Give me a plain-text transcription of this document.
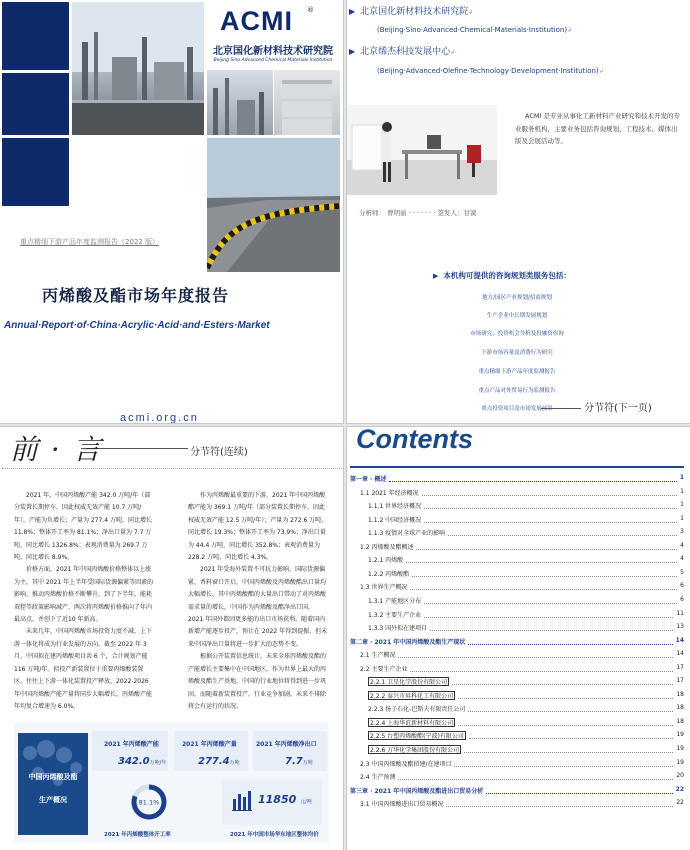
ACMI ®
北京国化新材料技术研究院
Beijing Sino Advanced Chemical Materials Institution
重点精细下游产品年度监测报告（2022 版）
丙烯酸及酯市场年度报告
Annual·Report·of·China·Acrylic·Acid·and·Esters·Market
acmi.org.cn
▶ 北京国化新材料技术研究院↲
(Beijing·Sino·Advanced·Chemical·Materials·Institution)↲
▶ 北京烯杰科技发展中心↲
(Beijing·Advanced·Olefine·Technology·Development·Institution)↲
ACMI 是专业从事化工新材料产业研究和技术开发的专业服务机构，主要业务包括咨询规划、工程技术、媒体出版及会展活动等。
分析师： 曹明丽 · · · · · · · 签发人：甘黉
▶ 本机构可提供的咨询规划类服务包括：
地方/园区产业规划/招商规划
生产企业中长期发展规划
市场研究、投资机会分析及投融资咨询
下游市场容量及消费行为研究
重点精细下游产品年度监测报告
重点产品对外贸易行为监测报告
重点投资项目及市场发展前景	分节符(下一页)
前 · 言	分节符(连续)

2021 年，中国丙烯酸产能 342.0 万吨/年（部分装置长期停车，因此权威无效产能 10.7 万吨/年），产能为负增长；产量为 277.4 万吨，同比增长 11.8%；整体开工率为 81.1%；净出口量为 7.7 万吨，同比增长 1326.8%；表观消费量为 269.7 万吨，同比增长 8.9%。

价格方面，2021 年中国丙烯酸价格整体以上涨为主，其中 2021 年上半年受国际货源偏紧等因素的影响，推动丙烯酸价格不断攀升，到了下半年，能耗双控等政策影响减产，两次将丙烯酸价格推向了年内最高点，并创下了近10 年新高。

未来几年，中国丙烯酸市场投资力度不减，上下游一体化将成为行业发展的方向。截至 2022 年 3 月，中国拟在建丙烯酸项目共 6 个，合计规划产能 116 万吨/年。拟投产新装置位于重要丙烯酸装置区，往往上下游一体化装置投产释放，2022-2026 年中国丙烯酸产能产量将同步大幅增长，丙烯酸产能年均复合增速为 6.0%。

作为丙烯酸最重要的下游，2021 年中国丙烯酸酯产能为 369.1 万吨/年（部分装置长期停车，因此权威无效产能 12.5 万吨/年）；产量为 272.6 万吨，同比增长 19.3%；整体开工率为 73.9%；净出口量为 44.4 万吨，同比增长 352.8%；表观消费量为 228.2 万吨，同比增长 4.3%。

2021 年受海外装置不可抗力影响，国际货源偏紧，香料窗口开启，中国丙烯酸及丙烯酸酯出口量均大幅增长，其中丙烯酸酯的大量出口带动了对丙烯酸需求量的增长，中国作为丙烯酸及酯净出口国，2021 年国外都因更多能的出口市场获利。随着国内新增产能逐步投产，预计在 2022 年得到提振，但未来中国净出口量将进一步扩大的态势不变。

根据公开装置信息统计，未来全球丙烯酸及酯的产能增长主要集中在中国地区，作为世界上最大的丙烯酸及酯生产基地，中国的行业地位将得到进一步巩固，而随着新装置投产，行业竞争加剧，未来不排除将会有运行的状况。

中国丙烯酸及酯
生产概况
2021 年丙烯酸产能
342.0万吨/年
2021 年丙烯酸产量
277.4万吨
2021 年丙烯酸净出口
7.7万吨
81.1%
2021 年丙烯酸整体开工率
11850 元/吨
2021 年中国市场华东地区整体均价
Contents
第一章 · 概述	1
1.1 2021 年经济概况	1
1.1.1 世界经济概况	1
1.1.2 中国经济概况	1
1.1.3 疫情对全球产业的影响	3
1.2 丙烯酸及酯概述	4
1.2.1 丙烯酸	4
1.2.2 丙烯酸酯	5
1.3 世界生产概况	6
1.3.1 产能地区分布	6
1.3.2 主要生产企业	11
1.3.3 国外拟在建项目	13
第二章 · 2021 年中国丙烯酸及酯生产现状	14
2.1 生产概况	14
2.2 主要生产企业	17
2.2.1 卫星化学股份有限公司	17
2.2.2 泰兴市昇科化工有限公司	18
2.2.3 扬子石化-巴斯夫有限责任公司	18
2.2.4 上海华谊新材料有限公司	18
2.2.5 台塑丙烯酸酯(宁波)有限公司	19
2.2.6 万华化学集团股份有限公司	19
2.3 中国丙烯酸及酯拟建/在建项目	19
2.4 生产预测	20
第三章 · 2021 年中国丙烯酸及酯进出口贸易分析	22
3.1 中国丙烯酸进出口贸易概况	22
